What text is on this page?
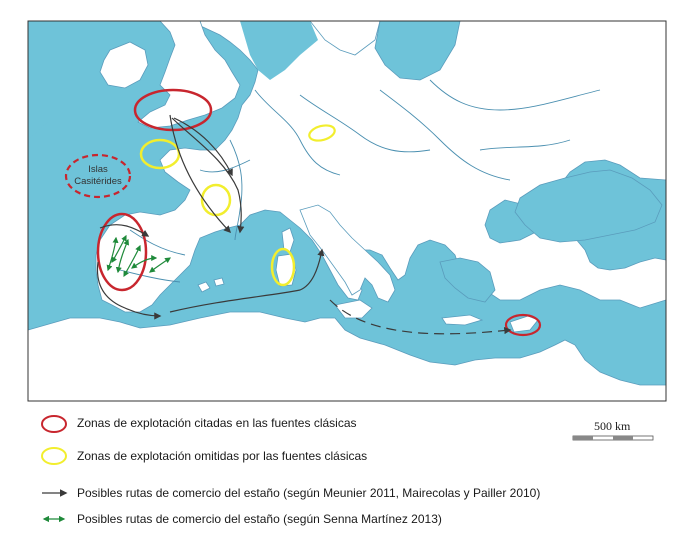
Islas
Casitérides
500 km
Zonas de explotación citadas en las fuentes clásicas
Zonas de explotación omitidas por las fuentes clásicas
Posibles rutas de comercio del estaño (según Meunier 2011, Mairecolas y Pailler 2010)
Posibles rutas de comercio del estaño (según Senna Martínez 2013)
